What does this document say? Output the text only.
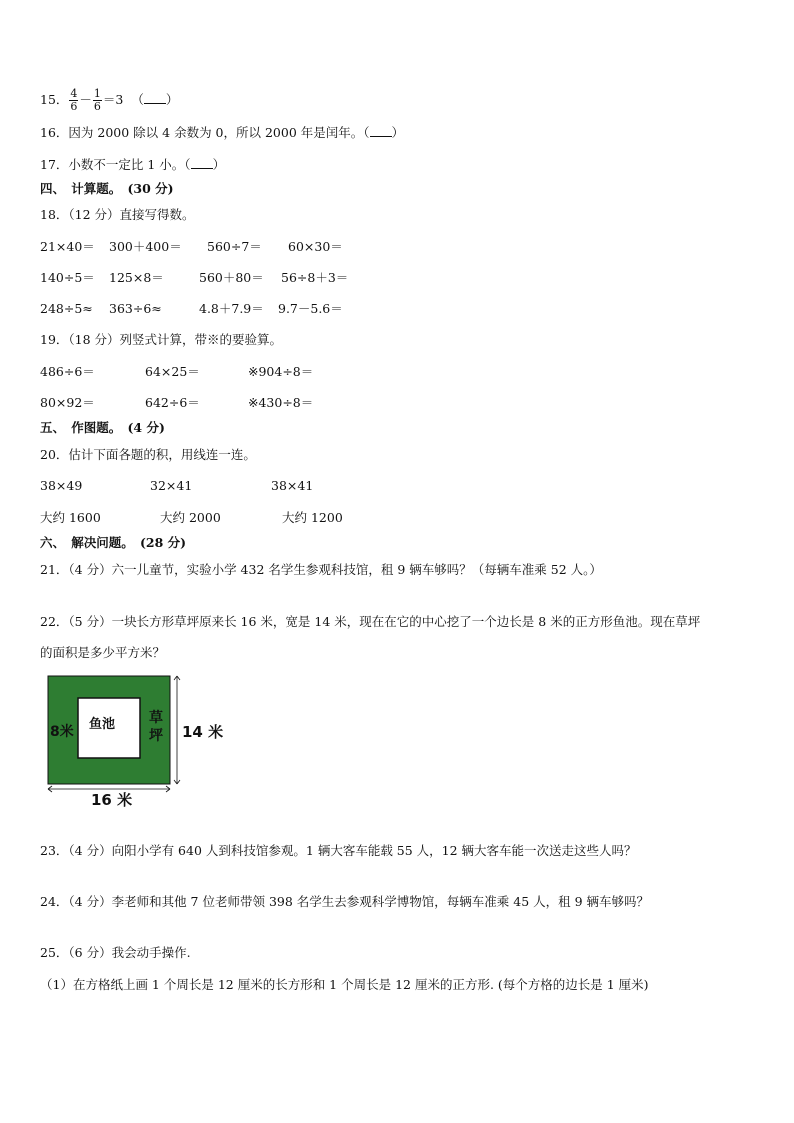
15． $\frac{4}{6} - \frac{1}{6} =3$ （ ）
16．因为 2000 除以 4 余数为 0，所以 2000 年是闰年。（ ）
17．小数不一定比 1 小。（ ）
四、　计算题。　(30 分)
18．（12 分）直接写得数。
21×40＝ 300＋400＝ 560÷7＝ 60×30＝
140÷5＝ 125×8＝	560＋80＝ 56÷8＋3＝
248÷5≈ 363÷6≈	4.8＋7.9＝ 9.7－5.6＝
19．（18 分）列竖式计算，带※的要验算。
486÷6＝	64×25＝	※904÷8＝
80×92＝	642÷6＝	※430÷8＝
五、　作图题。　(4 分)
20．估计下面各题的积，用线连一连。
38×49	32×41	38×41
大约 1600	大约 2000	大约 1200
六、　解决问题。　(28 分)
21．（4 分）六一儿童节，实验小学 432 名学生参观科技馆，租 9 辆车够吗？（每辆车准乘 52 人。）
22．（5 分）一块长方形草坪原来长 16 米，宽是 14 米，现在在它的中心挖了一个边长是 8 米的正方形鱼池。现在草坪
的面积是多少平方米？
鱼池
8米
草
坪 14 米
16 米
23．（4 分）向阳小学有 640 人到科技馆参观。1 辆大客车能载 55 人，12 辆大客车能一次送走这些人吗？
24．（4 分）李老师和其他 7 位老师带领 398 名学生去参观科学博物馆，每辆车准乘 45 人，租 9 辆车够吗？
25．（6 分）我会动手操作.
（1）在方格纸上画 1 个周长是 12 厘米的长方形和 1 个周长是 12 厘米的正方形. (每个方格的边长是 1 厘米)
